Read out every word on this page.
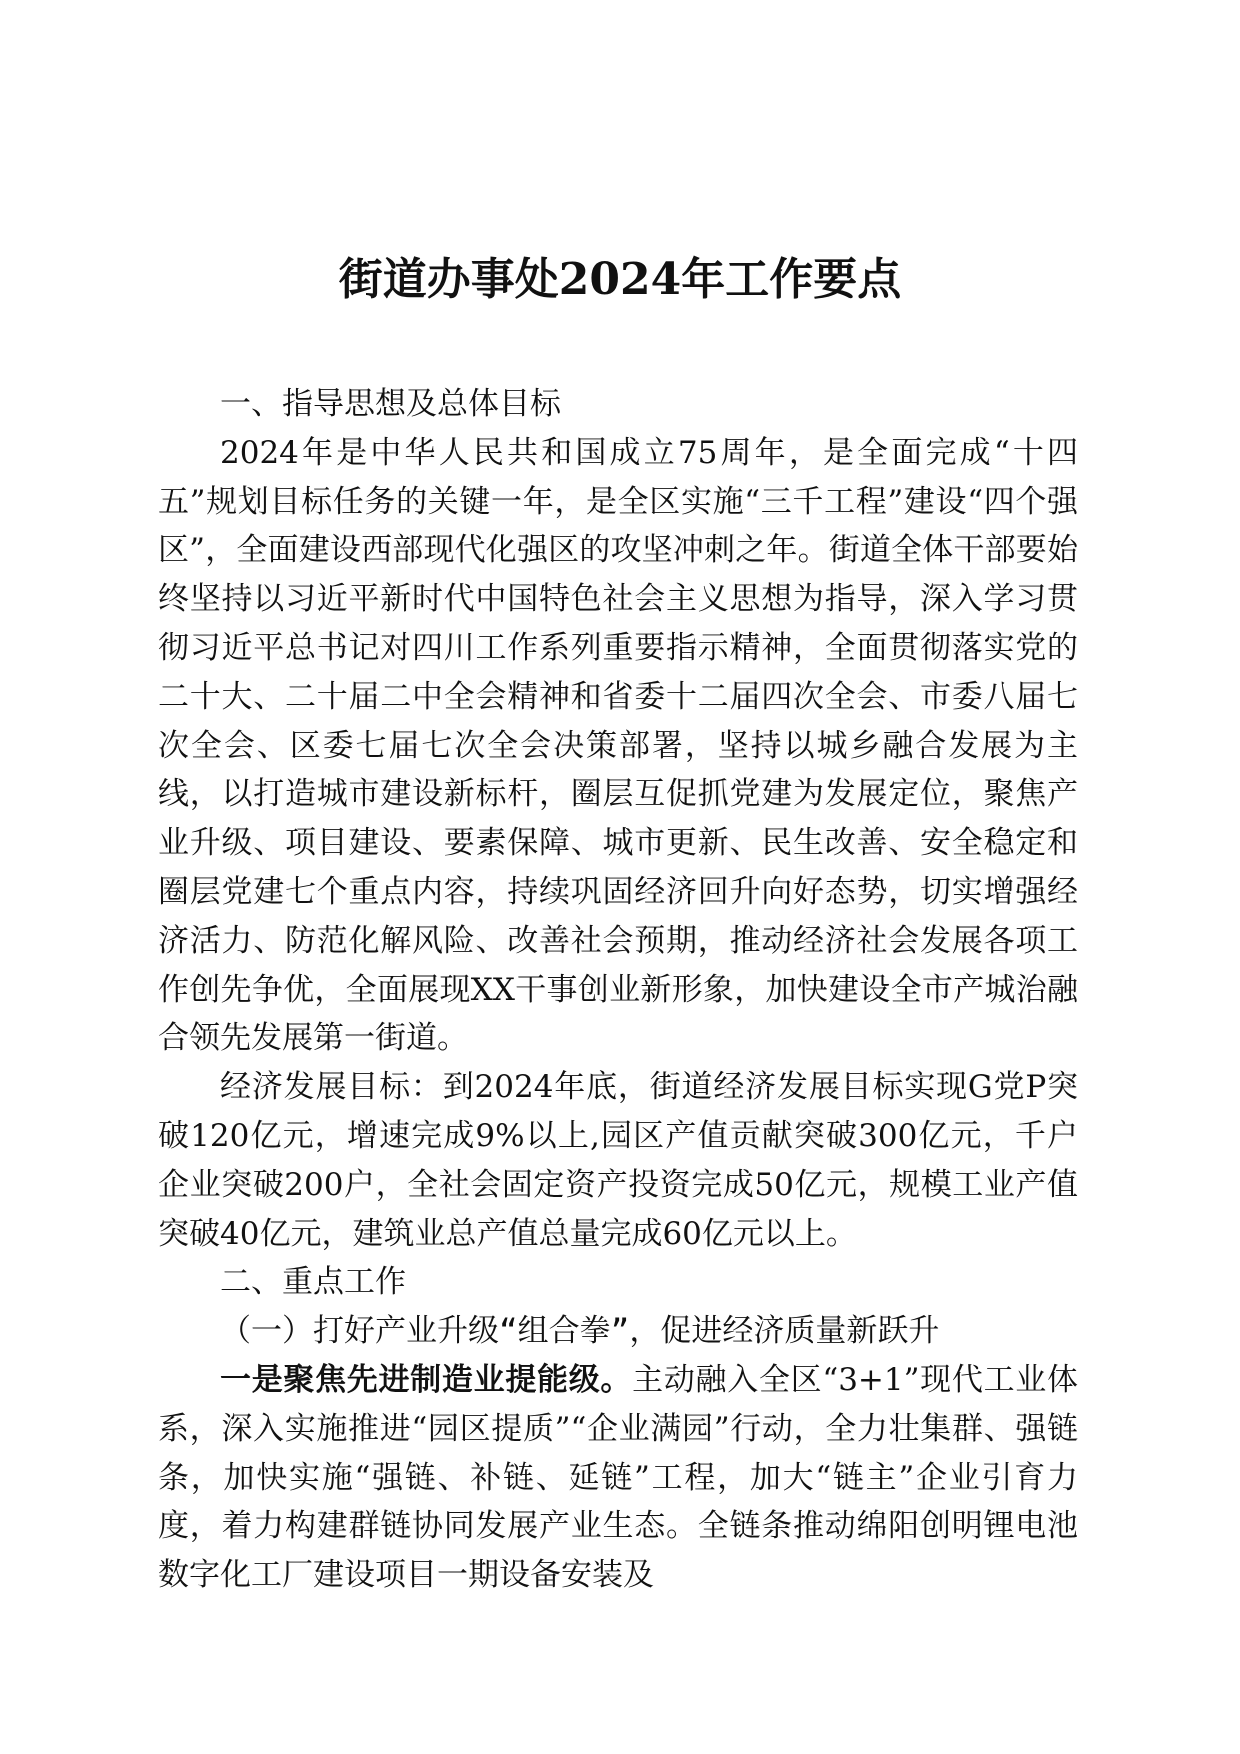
街道办事处2024年工作要点

一、指导思想及总体目标

2024年是中华人民共和国成立75周年，是全面完成“十四五”规划目标任务的关键一年，是全区实施“三千工程”建设“四个强区”，全面建设西部现代化强区的攻坚冲刺之年。街道全体干部要始终坚持以习近平新时代中国特色社会主义思想为指导，深入学习贯彻习近平总书记对四川工作系列重要指示精神，全面贯彻落实党的二十大、二十届二中全会精神和省委十二届四次全会、市委八届七次全会、区委七届七次全会决策部署，坚持以城乡融合发展为主线，以打造城市建设新标杆，圈层互促抓党建为发展定位，聚焦产业升级、项目建设、要素保障、城市更新、民生改善、安全稳定和圈层党建七个重点内容，持续巩固经济回升向好态势，切实增强经济活力、防范化解风险、改善社会预期，推动经济社会发展各项工作创先争优，全面展现XX干事创业新形象，加快建设全市产城治融合领先发展第一街道。

经济发展目标：到2024年底，街道经济发展目标实现G党P突破120亿元，增速完成9%以上,园区产值贡献突破300亿元，千户企业突破200户，全社会固定资产投资完成50亿元，规模工业产值突破40亿元，建筑业总产值总量完成60亿元以上。

二、重点工作

（一）打好产业升级“组合拳”，促进经济质量新跃升

一是聚焦先进制造业提能级。主动融入全区“3+1”现代工业体系，深入实施推进“园区提质”“企业满园”行动，全力壮集群、强链条，加快实施“强链、补链、延链”工程，加大“链主”企业引育力度，着力构建群链协同发展产业生态。全链条推动绵阳创明锂电池数字化工厂建设项目一期设备安装及
